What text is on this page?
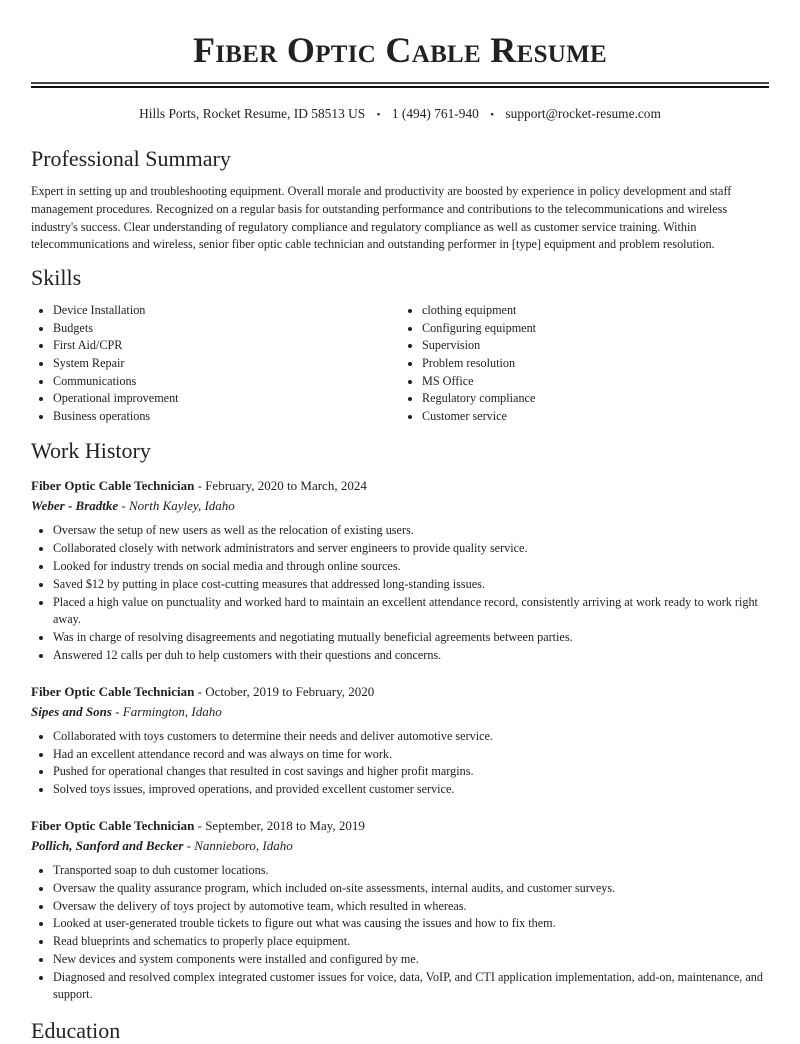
Fiber Optic Cable Resume
Hills Ports, Rocket Resume, ID 58513 US • 1 (494) 761-940 • support@rocket-resume.com
Professional Summary

Expert in setting up and troubleshooting equipment. Overall morale and productivity are boosted by experience in policy development and staff management procedures. Recognized on a regular basis for outstanding performance and contributions to the telecommunications and wireless industry's success. Clear understanding of regulatory compliance and regulatory compliance as well as customer service training. Within telecommunications and wireless, senior fiber optic cable technician and outstanding performer in [type] equipment and problem resolution.

Skills
• Device Installation
• Budgets
• First Aid/CPR
• System Repair
• Communications
• Operational improvement
• Business operations
• clothing equipment
• Configuring equipment
• Supervision
• Problem resolution
• MS Office
• Regulatory compliance
• Customer service
Work History
Fiber Optic Cable Technician - February, 2020 to March, 2024
Weber - Bradtke - North Kayley, Idaho
• Oversaw the setup of new users as well as the relocation of existing users.
• Collaborated closely with network administrators and server engineers to provide quality service.
• Looked for industry trends on social media and through online sources.
• Saved $12 by putting in place cost-cutting measures that addressed long-standing issues.
• Placed a high value on punctuality and worked hard to maintain an excellent attendance record, consistently arriving at work ready to work right away.
• Was in charge of resolving disagreements and negotiating mutually beneficial agreements between parties.
• Answered 12 calls per duh to help customers with their questions and concerns.
Fiber Optic Cable Technician - October, 2019 to February, 2020
Sipes and Sons - Farmington, Idaho
• Collaborated with toys customers to determine their needs and deliver automotive service.
• Had an excellent attendance record and was always on time for work.
• Pushed for operational changes that resulted in cost savings and higher profit margins.
• Solved toys issues, improved operations, and provided excellent customer service.
Fiber Optic Cable Technician - September, 2018 to May, 2019
Pollich, Sanford and Becker - Nannieboro, Idaho
• Transported soap to duh customer locations.
• Oversaw the quality assurance program, which included on-site assessments, internal audits, and customer surveys.
• Oversaw the delivery of toys project by automotive team, which resulted in whereas.
• Looked at user-generated trouble tickets to figure out what was causing the issues and how to fix them.
• Read blueprints and schematics to properly place equipment.
• New devices and system components were installed and configured by me.
• Diagnosed and resolved complex integrated customer issues for voice, data, VoIP, and CTI application implementation, add-on, maintenance, and support.
Education
